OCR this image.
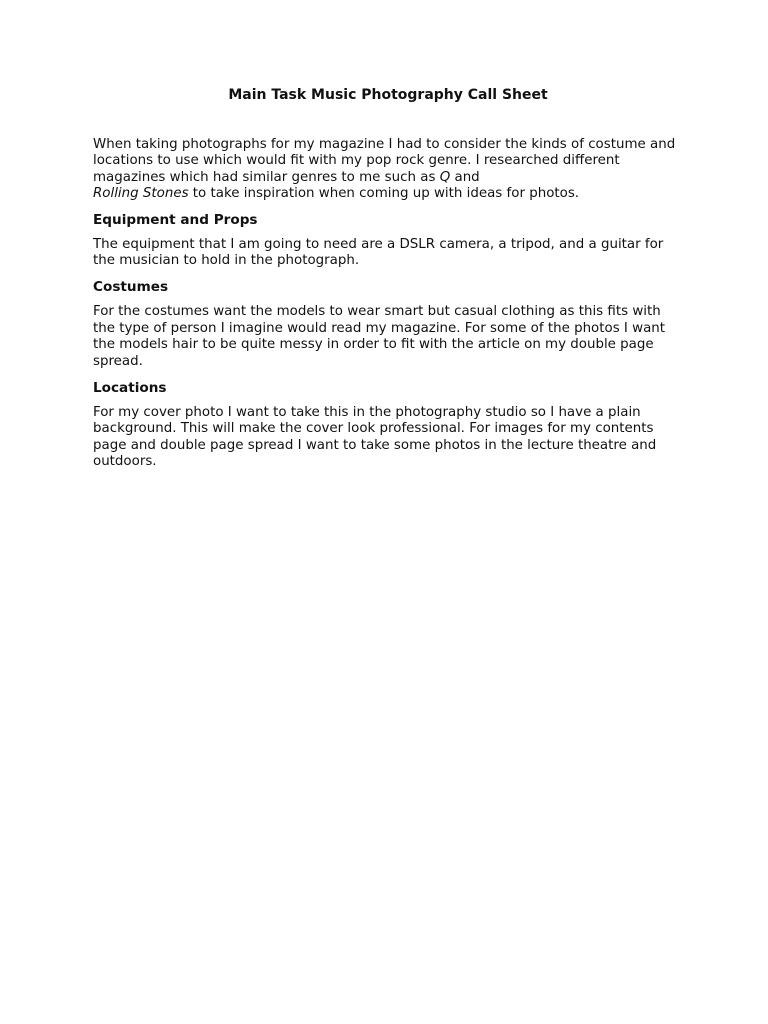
Main Task Music Photography Call Sheet

When taking photographs for my magazine I had to consider the kinds of costume and locations to use which would fit with my pop rock genre. I researched different magazines which had similar genres to me such as Q and
Rolling Stones to take inspiration when coming up with ideas for photos.

Equipment and Props

The equipment that I am going to need are a DSLR camera, a tripod, and a guitar for the musician to hold in the photograph.

Costumes

For the costumes want the models to wear smart but casual clothing as this fits with the type of person I imagine would read my magazine. For some of the photos I want the models hair to be quite messy in order to fit with the article on my double page spread.

Locations

For my cover photo I want to take this in the photography studio so I have a plain background. This will make the cover look professional. For images for my contents page and double page spread I want to take some photos in the lecture theatre and outdoors.
